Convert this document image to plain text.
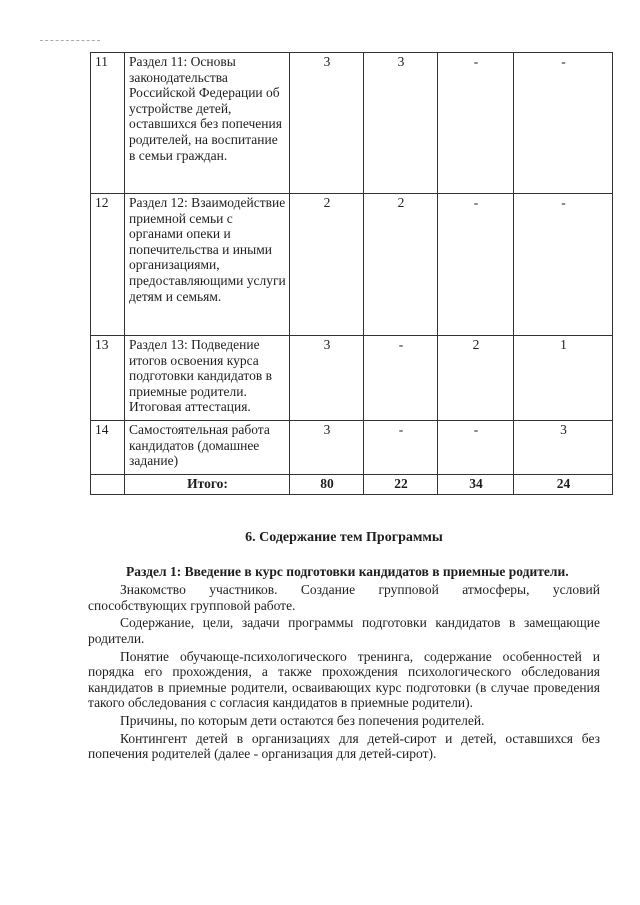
11	Раздел 11: Основы законодательства Российской Федерации об устройстве детей, оставшихся без попечения родителей, на воспитание в семьи граждан.	3	3	-	-
12	Раздел 12: Взаимодействие приемной семьи с органами опеки и попечительства и иными организациями, предоставляющими услуги детям и семьям.	2	2	-	-
13	Раздел 13: Подведение итогов освоения курса подготовки кандидатов в приемные родители. Итоговая аттестация.	3	-	2	1
14	Самостоятельная работа кандидатов (домашнее задание)	3	-	-	3
	Итого:	80	22	34	24
6. Содержание тем Программы
Раздел 1: Введение в курс подготовки кандидатов в приемные родители.

Знакомство участников. Создание групповой атмосферы, условий способствующих групповой работе.

Содержание, цели, задачи программы подготовки кандидатов в замещающие родители.

Понятие обучающе-психологического тренинга, содержание особенностей и порядка его прохождения, а также прохождения психологического обследования кандидатов в приемные родители, осваивающих курс подготовки (в случае проведения такого обследования с согласия кандидатов в приемные родители).

Причины, по которым дети остаются без попечения родителей.

Контингент детей в организациях для детей-сирот и детей, оставшихся без попечения родителей (далее - организация для детей-сирот).
